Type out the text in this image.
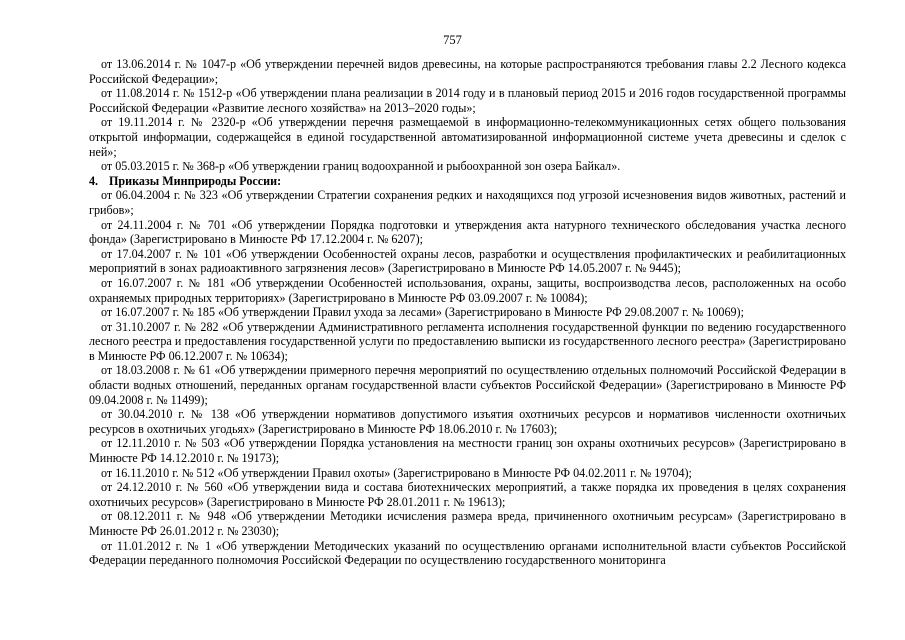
757

от 13.06.2014 г. № 1047-р «Об утверждении перечней видов древесины, на которые распространяются требования главы 2.2 Лесного кодекса Российской Федерации»;

от 11.08.2014 г. № 1512-р «Об утверждении плана реализации в 2014 году и в плановый период 2015 и 2016 годов государственной программы Российской Федерации «Развитие лесного хозяйства» на 2013–2020 годы»;

от 19.11.2014 г. № 2320-р «Об утверждении перечня размещаемой в информационно-телекоммуникационных сетях общего пользования открытой информации, содержащейся в единой государственной автоматизированной информационной системе учета древесины и сделок с ней»;

от 05.03.2015 г. № 368-р «Об утверждении границ водоохранной и рыбоохранной зон озера Байкал».

4. Приказы Минприроды России:

от 06.04.2004 г. № 323 «Об утверждении Стратегии сохранения редких и находящихся под угрозой исчезновения видов животных, растений и грибов»;

от 24.11.2004 г. № 701 «Об утверждении Порядка подготовки и утверждения акта натурного технического обследования участка лесного фонда» (Зарегистрировано в Минюсте РФ 17.12.2004 г. № 6207);

от 17.04.2007 г. № 101 «Об утверждении Особенностей охраны лесов, разработки и осуществления профилактических и реабилитационных мероприятий в зонах радиоактивного загрязнения лесов» (Зарегистрировано в Минюсте РФ 14.05.2007 г. № 9445);

от 16.07.2007 г. № 181 «Об утверждении Особенностей использования, охраны, защиты, воспроизводства лесов, расположенных на особо охраняемых природных территориях» (Зарегистрировано в Минюсте РФ 03.09.2007 г. № 10084);

от 16.07.2007 г. № 185 «Об утверждении Правил ухода за лесами» (Зарегистрировано в Минюсте РФ 29.08.2007 г. № 10069);

от 31.10.2007 г. № 282 «Об утверждении Административного регламента исполнения государственной функции по ведению государственного лесного реестра и предоставления государственной услуги по предоставлению выписки из государственного лесного реестра» (Зарегистрировано в Минюсте РФ 06.12.2007 г. № 10634);

от 18.03.2008 г. № 61 «Об утверждении примерного перечня мероприятий по осуществлению отдельных полномочий Российской Федерации в области водных отношений, переданных органам государственной власти субъектов Российской Федерации» (Зарегистрировано в Минюсте РФ 09.04.2008 г. № 11499);

от 30.04.2010 г. № 138 «Об утверждении нормативов допустимого изъятия охотничьих ресурсов и нормативов численности охотничьих ресурсов в охотничьих угодьях» (Зарегистрировано в Минюсте РФ 18.06.2010 г. № 17603);

от 12.11.2010 г. № 503 «Об утверждении Порядка установления на местности границ зон охраны охотничьих ресурсов» (Зарегистрировано в Минюсте РФ 14.12.2010 г. № 19173);

от 16.11.2010 г. № 512 «Об утверждении Правил охоты» (Зарегистрировано в Минюсте РФ 04.02.2011 г. № 19704);

от 24.12.2010 г. № 560 «Об утверждении вида и состава биотехнических мероприятий, а также порядка их проведения в целях сохранения охотничьих ресурсов» (Зарегистрировано в Минюсте РФ 28.01.2011 г. № 19613);

от 08.12.2011 г. № 948 «Об утверждении Методики исчисления размера вреда, причиненного охотничьим ресурсам» (Зарегистрировано в Минюсте РФ 26.01.2012 г. № 23030);

от 11.01.2012 г. № 1 «Об утверждении Методических указаний по осуществлению органами исполнительной власти субъектов Российской Федерации переданного полномочия Российской Федерации по осуществлению государственного мониторинга
